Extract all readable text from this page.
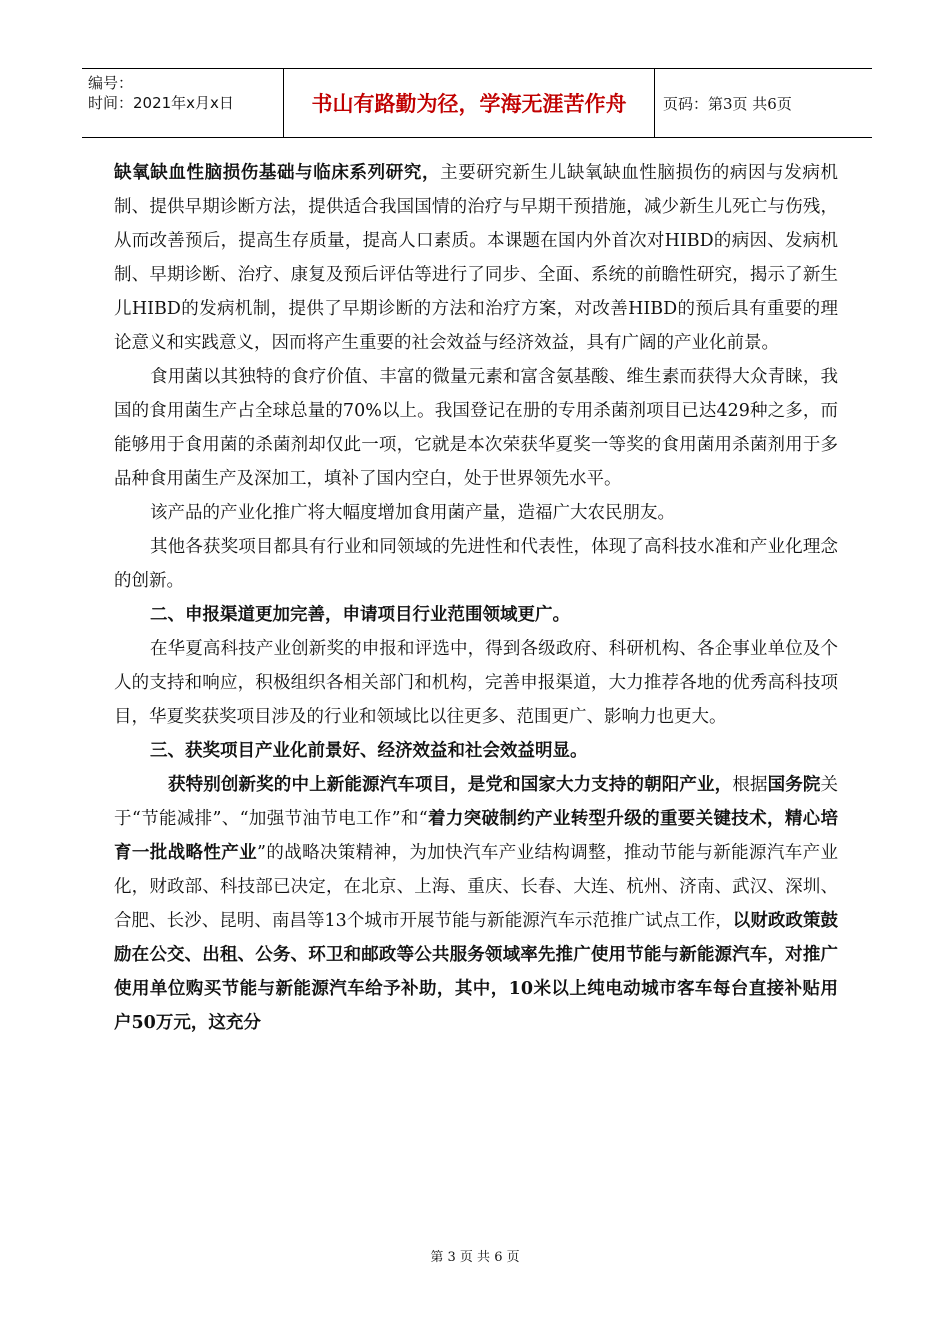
编号：
时间：2021年x月x日	书山有路勤为径，学海无涯苦作舟	页码：第3页 共6页

缺氧缺血性脑损伤基础与临床系列研究，主要研究新生儿缺氧缺血性脑损伤的病因与发病机制、提供早期诊断方法，提供适合我国国情的治疗与早期干预措施，减少新生儿死亡与伤残，从而改善预后，提高生存质量，提高人口素质。本课题在国内外首次对HIBD的病因、发病机制、早期诊断、治疗、康复及预后评估等进行了同步、全面、系统的前瞻性研究，揭示了新生儿HIBD的发病机制，提供了早期诊断的方法和治疗方案，对改善HIBD的预后具有重要的理论意义和实践意义，因而将产生重要的社会效益与经济效益，具有广阔的产业化前景。

食用菌以其独特的食疗价值、丰富的微量元素和富含氨基酸、维生素而获得大众青睐，我国的食用菌生产占全球总量的70%以上。我国登记在册的专用杀菌剂项目已达429种之多，而能够用于食用菌的杀菌剂却仅此一项，它就是本次荣获华夏奖一等奖的食用菌用杀菌剂用于多品种食用菌生产及深加工，填补了国内空白，处于世界领先水平。

该产品的产业化推广将大幅度增加食用菌产量，造福广大农民朋友。

其他各获奖项目都具有行业和同领域的先进性和代表性，体现了高科技水准和产业化理念的创新。

二、申报渠道更加完善，申请项目行业范围领域更广。

在华夏高科技产业创新奖的申报和评选中，得到各级政府、科研机构、各企事业单位及个人的支持和响应，积极组织各相关部门和机构，完善申报渠道，大力推荐各地的优秀高科技项目，华夏奖获奖项目涉及的行业和领域比以往更多、范围更广、影响力也更大。

三、获奖项目产业化前景好、经济效益和社会效益明显。

获特别创新奖的中上新能源汽车项目，是党和国家大力支持的朝阳产业，根据国务院关于“节能减排”、“加强节油节电工作”和“着力突破制约产业转型升级的重要关键技术，精心培育一批战略性产业”的战略决策精神，为加快汽车产业结构调整，推动节能与新能源汽车产业化，财政部、科技部已决定，在北京、上海、重庆、长春、大连、杭州、济南、武汉、深圳、合肥、长沙、昆明、南昌等13个城市开展节能与新能源汽车示范推广试点工作，以财政政策鼓励在公交、出租、公务、环卫和邮政等公共服务领域率先推广使用节能与新能源汽车，对推广使用单位购买节能与新能源汽车给予补助，其中，10米以上纯电动城市客车每台直接补贴用户50万元，这充分

第 3 页 共 6 页
